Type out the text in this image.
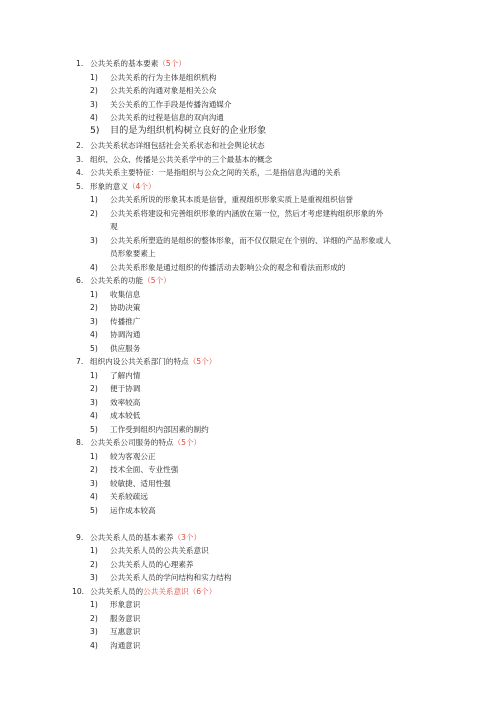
1. 公共关系的基本要素（5个）
1) 公共关系的行为主体是组织机构
2) 公共关系的沟通对象是相关公众
3) 关公关系的工作手段是传播沟通媒介
4) 公共关系的过程是信息的双向沟通
5) 目的是为组织机构树立良好的企业形象
2. 公共关系状态详细包括社会关系状态和社会舆论状态
3. 组织、公众、传播是公共关系学中的三个最基本的概念
4. 公共关系主要特征：一是指组织与公众之间的关系，二是指信息沟通的关系
5. 形象的意义（4个）
1) 公共关系所说的形象其本质是信誉，重视组织形象实质上是重视组织信誉
2) 公共关系将建设和完善组织形象的内涵放在第一位，然后才考虑建构组织形象的外
观
3) 公共关系所塑造的是组织的整体形象，而不仅仅限定在个别的、详细的产品形象或人
员形象要素上
4) 公共关系形象是通过组织的传播活动去影响公众的观念和看法而形成的
6. 公共关系的功能（5个）
1) 收集信息
2) 协助决策
3) 传播推广
4) 协调沟通
5) 供应服务
7. 组织内设公共关系部门的特点（5个）
1) 了解内情
2) 便于协调
3) 效率较高
4) 成本较低
5) 工作受到组织内部因素的制约
8. 公共关系公司服务的特点（5个）
1) 较为客观公正
2) 技术全面、专业性强
3) 较敏捷、适用性强
4) 关系较疏远
5) 运作成本较高
9. 公共关系人员的基本素养（3个）
1) 公共关系人员的公共关系意识
2) 公共关系人员的心理素养
3) 公共关系人员的学问结构和实力结构
10. 公共关系人员的公共关系意识（6个）
1) 形象意识
2) 服务意识
3) 互惠意识
4) 沟通意识
